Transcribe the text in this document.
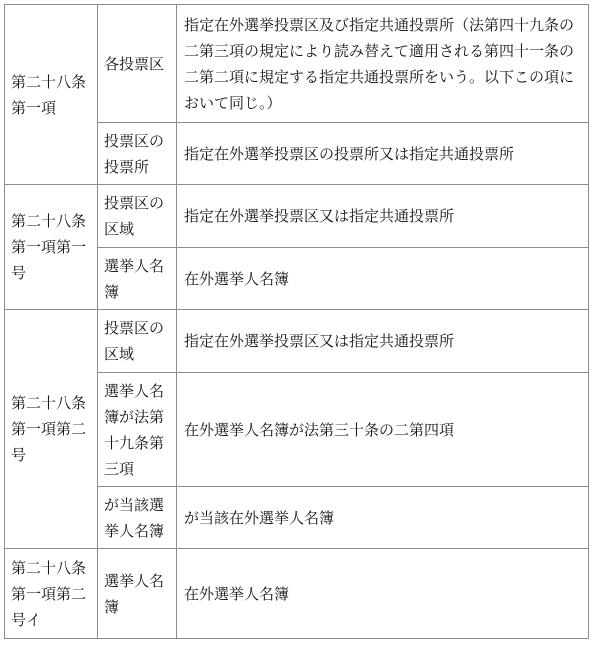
第二十八条第一項	各投票区	指定在外選挙投票区及び指定共通投票所（法第四十九条の二第三項の規定により読み替えて適用される第四十一条の二第二項に規定する指定共通投票所をいう。以下この項において同じ。）
	投票区の投票所	指定在外選挙投票区の投票所又は指定共通投票所
第二十八条第一項第一号	投票区の区域	指定在外選挙投票区又は指定共通投票所
	選挙人名簿	在外選挙人名簿
第二十八条第一項第二号	投票区の区域	指定在外選挙投票区又は指定共通投票所
	選挙人名簿が法第十九条第三項	在外選挙人名簿が法第三十条の二第四項
	が当該選挙人名簿	が当該在外選挙人名簿
第二十八条第一項第二号イ	選挙人名簿	在外選挙人名簿
